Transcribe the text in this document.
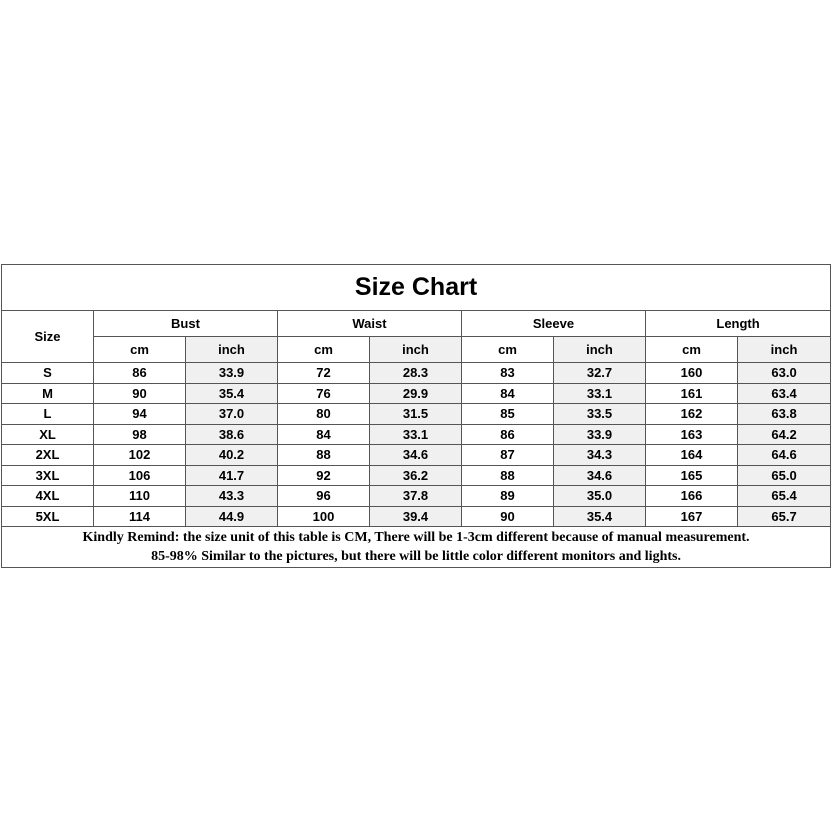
Size Chart								
Size	Bust		Waist		Sleeve		Length	
	cm	inch	cm	inch	cm	inch	cm	inch
S	86	33.9	72	28.3	83	32.7	160	63.0
M	90	35.4	76	29.9	84	33.1	161	63.4
L	94	37.0	80	31.5	85	33.5	162	63.8
XL	98	38.6	84	33.1	86	33.9	163	64.2
2XL	102	40.2	88	34.6	87	34.3	164	64.6
3XL	106	41.7	92	36.2	88	34.6	165	65.0
4XL	110	43.3	96	37.8	89	35.0	166	65.4
5XL	114	44.9	100	39.4	90	35.4	167	65.7

Kindly Remind: the size unit of this table is CM, There will be 1-3cm different because of manual measurement.
85-98% Similar to the pictures, but there will be little color different monitors and lights.								
